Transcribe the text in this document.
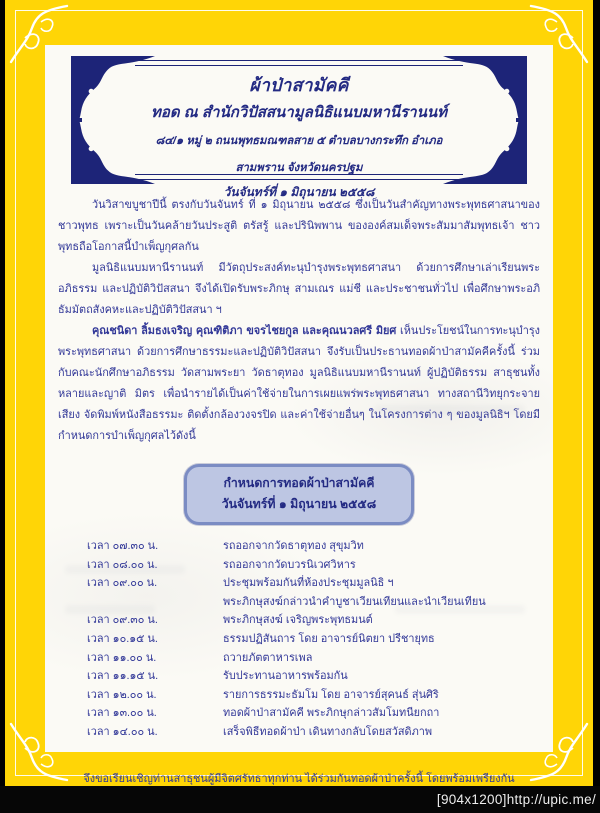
ผ้าป่าสามัคคี
ทอด ณ สำนักวิปัสสนามูลนิธิแนบมหานีรานนท์
๘๔/๑ หมู่ ๒ ถนนพุทธมณฑลสาย ๕ ตำบลบางกระทึก อำเภอสามพราน จังหวัดนครปฐม
วันจันทร์ที่ ๑ มิถุนายน ๒๕๕๘

วันวิสาขบูชาปีนี้ ตรงกับวันจันทร์ ที่ ๑ มิถุนายน ๒๕๕๘ ซึ่งเป็นวันสำคัญทางพระพุทธศาสนาของชาวพุทธ เพราะเป็นวันคล้ายวันประสูติ ตรัสรู้ และปรินิพพาน ขององค์สมเด็จพระสัมมาสัมพุทธเจ้า ชาวพุทธถือโอกาสนี้บำเพ็ญกุศลกัน

มูลนิธิแนบมหานีรานนท์ มีวัตถุประสงค์ทะนุบำรุงพระพุทธศาสนา ด้วยการศึกษาเล่าเรียนพระอภิธรรม และปฏิบัติวิปัสสนา จึงได้เปิดรับพระภิกษุ สามเณร แม่ชี และประชาชนทั่วไป เพื่อศึกษาพระอภิธัมมัตถสังคหะและปฏิบัติวิปัสสนา ฯ

คุณชนิดา ลิ้มธงเจริญ คุณฑิติภา ขจรไชยกูล และคุณนวลศรี มิยศ เห็นประโยชน์ในการทะนุบำรุงพระพุทธศาสนา ด้วยการศึกษาธรรมะและปฏิบัติวิปัสสนา จึงรับเป็นประธานทอดผ้าป่าสามัคคีครั้งนี้ ร่วมกับคณะนักศึกษาอภิธรรม วัดสามพระยา วัดธาตุทอง มูลนิธิแนบมหานีรานนท์ ผู้ปฏิบัติธรรม สาธุชนทั้งหลายและญาติ มิตร เพื่อนำรายได้เป็นค่าใช้จ่ายในการเผยแพร่พระพุทธศาสนา ทางสถานีวิทยุกระจายเสียง จัดพิมพ์หนังสือธรรมะ ติดตั้งกล้องวงจรปิด และค่าใช้จ่ายอื่นๆ ในโครงการต่าง ๆ ของมูลนิธิฯ โดยมีกำหนดการบำเพ็ญกุศลไว้ดังนี้

กำหนดการทอดผ้าป่าสามัคคี
วันจันทร์ที่ ๑ มิถุนายน ๒๕๕๘
เวลา ๐๗.๓๐ น.	รถออกจากวัดธาตุทอง สุขุมวิท
เวลา ๐๘.๐๐ น.	รถออกจากวัดบวรนิเวศวิหาร
เวลา ๐๙.๐๐ น.	ประชุมพร้อมกันที่ห้องประชุมมูลนิธิ ฯ
พระภิกษุสงฆ์กล่าวนำคำบูชาเวียนเทียนและนำเวียนเทียน
เวลา ๐๙.๓๐ น.	พระภิกษุสงฆ์ เจริญพระพุทธมนต์
เวลา ๑๐.๑๕ น.	ธรรมปฏิสันถาร โดย อาจารย์นิตยา ปรีชายุทธ
เวลา ๑๑.๐๐ น.	ถวายภัตตาหารเพล
เวลา ๑๑.๑๕ น.	รับประทานอาหารพร้อมกัน
เวลา ๑๒.๐๐ น.	รายการธรรมะธัมโม โดย อาจารย์สุคนธ์ สุ่นศิริ
เวลา ๑๓.๐๐ น.	ทอดผ้าป่าสามัคคี พระภิกษุกล่าวสัมโมทนียกถา
เวลา ๑๔.๐๐ น.	เสร็จพิธีทอดผ้าป่า เดินทางกลับโดยสวัสดิภาพ
จึงขอเรียนเชิญท่านสาธุชนผู้มีจิตศรัทธาทุกท่าน ได้ร่วมกันทอดผ้าป่าครั้งนี้ โดยพร้อมเพรียงกัน
[904x1200]http://upic.me/
